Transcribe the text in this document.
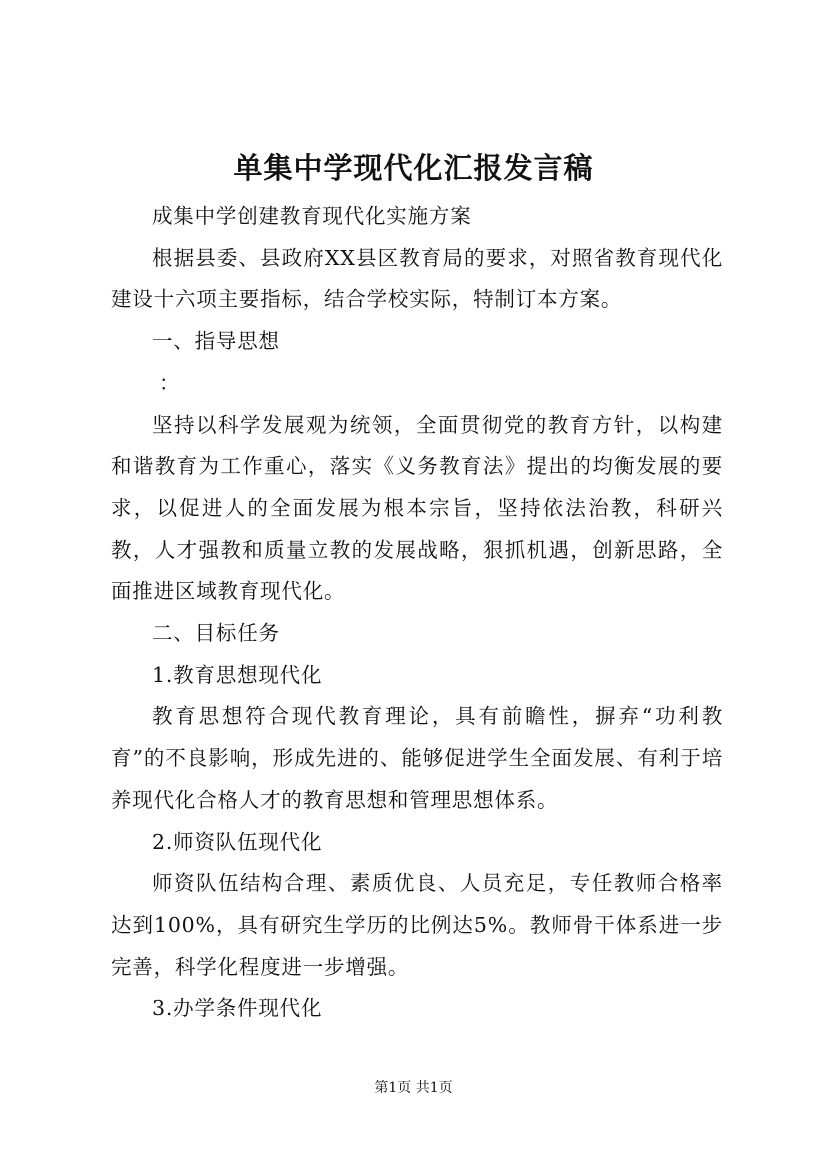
单集中学现代化汇报发言稿

成集中学创建教育现代化实施方案

根据县委、县政府XX县区教育局的要求，对照省教育现代化建设十六项主要指标，结合学校实际，特制订本方案。

一、指导思想

：

坚持以科学发展观为统领，全面贯彻党的教育方针，以构建和谐教育为工作重心，落实《义务教育法》提出的均衡发展的要求，以促进人的全面发展为根本宗旨，坚持依法治教，科研兴教，人才强教和质量立教的发展战略，狠抓机遇，创新思路，全面推进区域教育现代化。

二、目标任务

1.教育思想现代化

教育思想符合现代教育理论，具有前瞻性，摒弃“功利教育”的不良影响，形成先进的、能够促进学生全面发展、有利于培养现代化合格人才的教育思想和管理思想体系。

2.师资队伍现代化

师资队伍结构合理、素质优良、人员充足，专任教师合格率达到100%，具有研究生学历的比例达5%。教师骨干体系进一步完善，科学化程度进一步增强。

3.办学条件现代化

第1页 共1页
